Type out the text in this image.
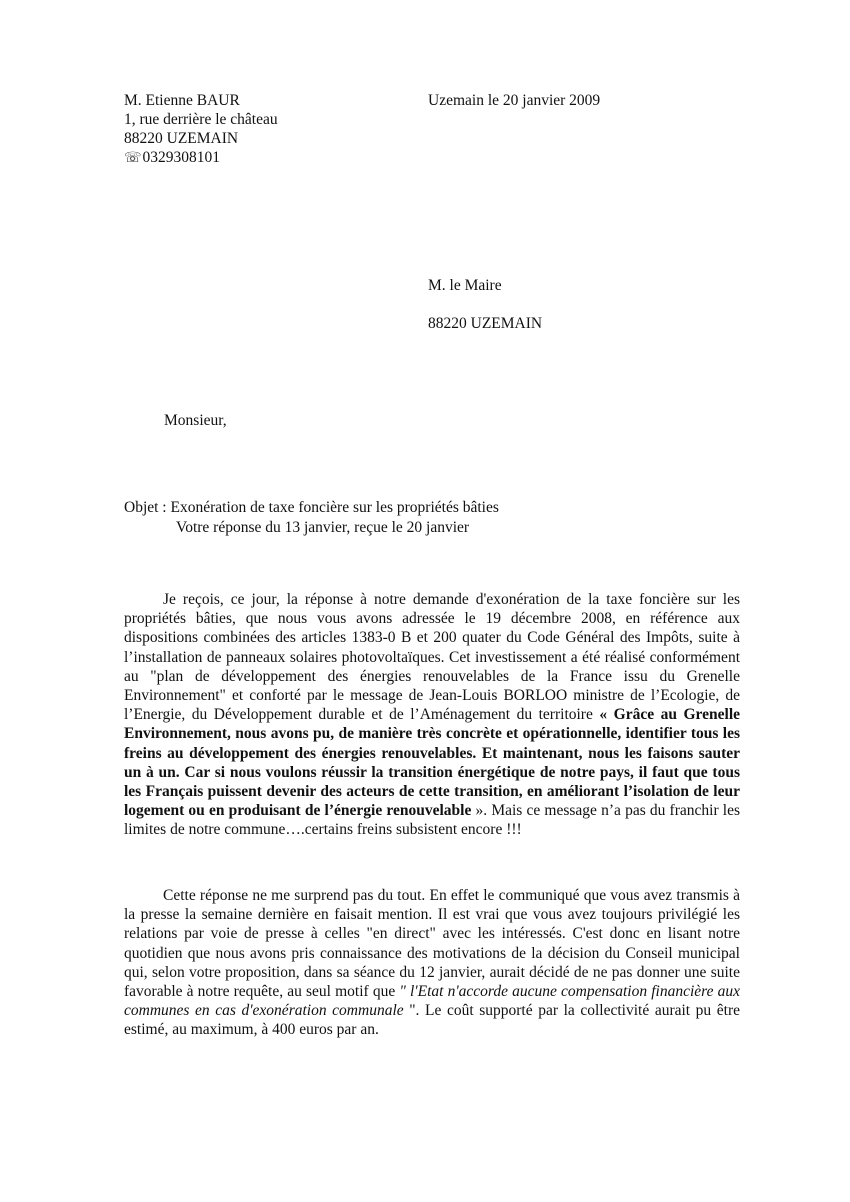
M. Etienne BAUR
1, rue derrière le château
88220 UZEMAIN
☏0329308101
Uzemain le 20 janvier 2009
M. le Maire
88220 UZEMAIN
Monsieur,
Objet : Exonération de taxe foncière sur les propriétés bâties
Votre réponse du 13 janvier, reçue le 20 janvier
Je reçois, ce jour, la réponse à notre demande d'exonération de la taxe foncière sur les propriétés bâties, que nous vous avons adressée le 19 décembre 2008, en référence aux dispositions combinées des articles 1383-0 B et 200 quater du Code Général des Impôts, suite à l’installation de panneaux solaires photovoltaïques. Cet investissement a été réalisé conformément au "plan de développement des énergies renouvelables de la France issu du Grenelle Environnement" et conforté par le message de Jean-Louis BORLOO ministre de l’Ecologie, de l’Energie, du Développement durable et de l’Aménagement du territoire « Grâce au Grenelle Environnement, nous avons pu, de manière très concrète et opérationnelle, identifier tous les freins au développement des énergies renouvelables. Et maintenant, nous les faisons sauter un à un. Car si nous voulons réussir la transition énergétique de notre pays, il faut que tous les Français puissent devenir des acteurs de cette transition, en améliorant l’isolation de leur logement ou en produisant de l’énergie renouvelable ». Mais ce message n’a pas du franchir les limites de notre commune….certains freins subsistent encore !!!
Cette réponse ne me surprend pas du tout. En effet le communiqué que vous avez transmis à la presse la semaine dernière en faisait mention. Il est vrai que vous avez toujours privilégié les relations par voie de presse à celles "en direct" avec les intéressés. C'est donc en lisant notre quotidien que nous avons pris connaissance des motivations de la décision du Conseil municipal qui, selon votre proposition, dans sa séance du 12 janvier, aurait décidé de ne pas donner une suite favorable à notre requête, au seul motif que " l'Etat n'accorde aucune compensation financière aux communes en cas d'exonération communale ". Le coût supporté par la collectivité aurait pu être estimé, au maximum, à 400 euros par an.
